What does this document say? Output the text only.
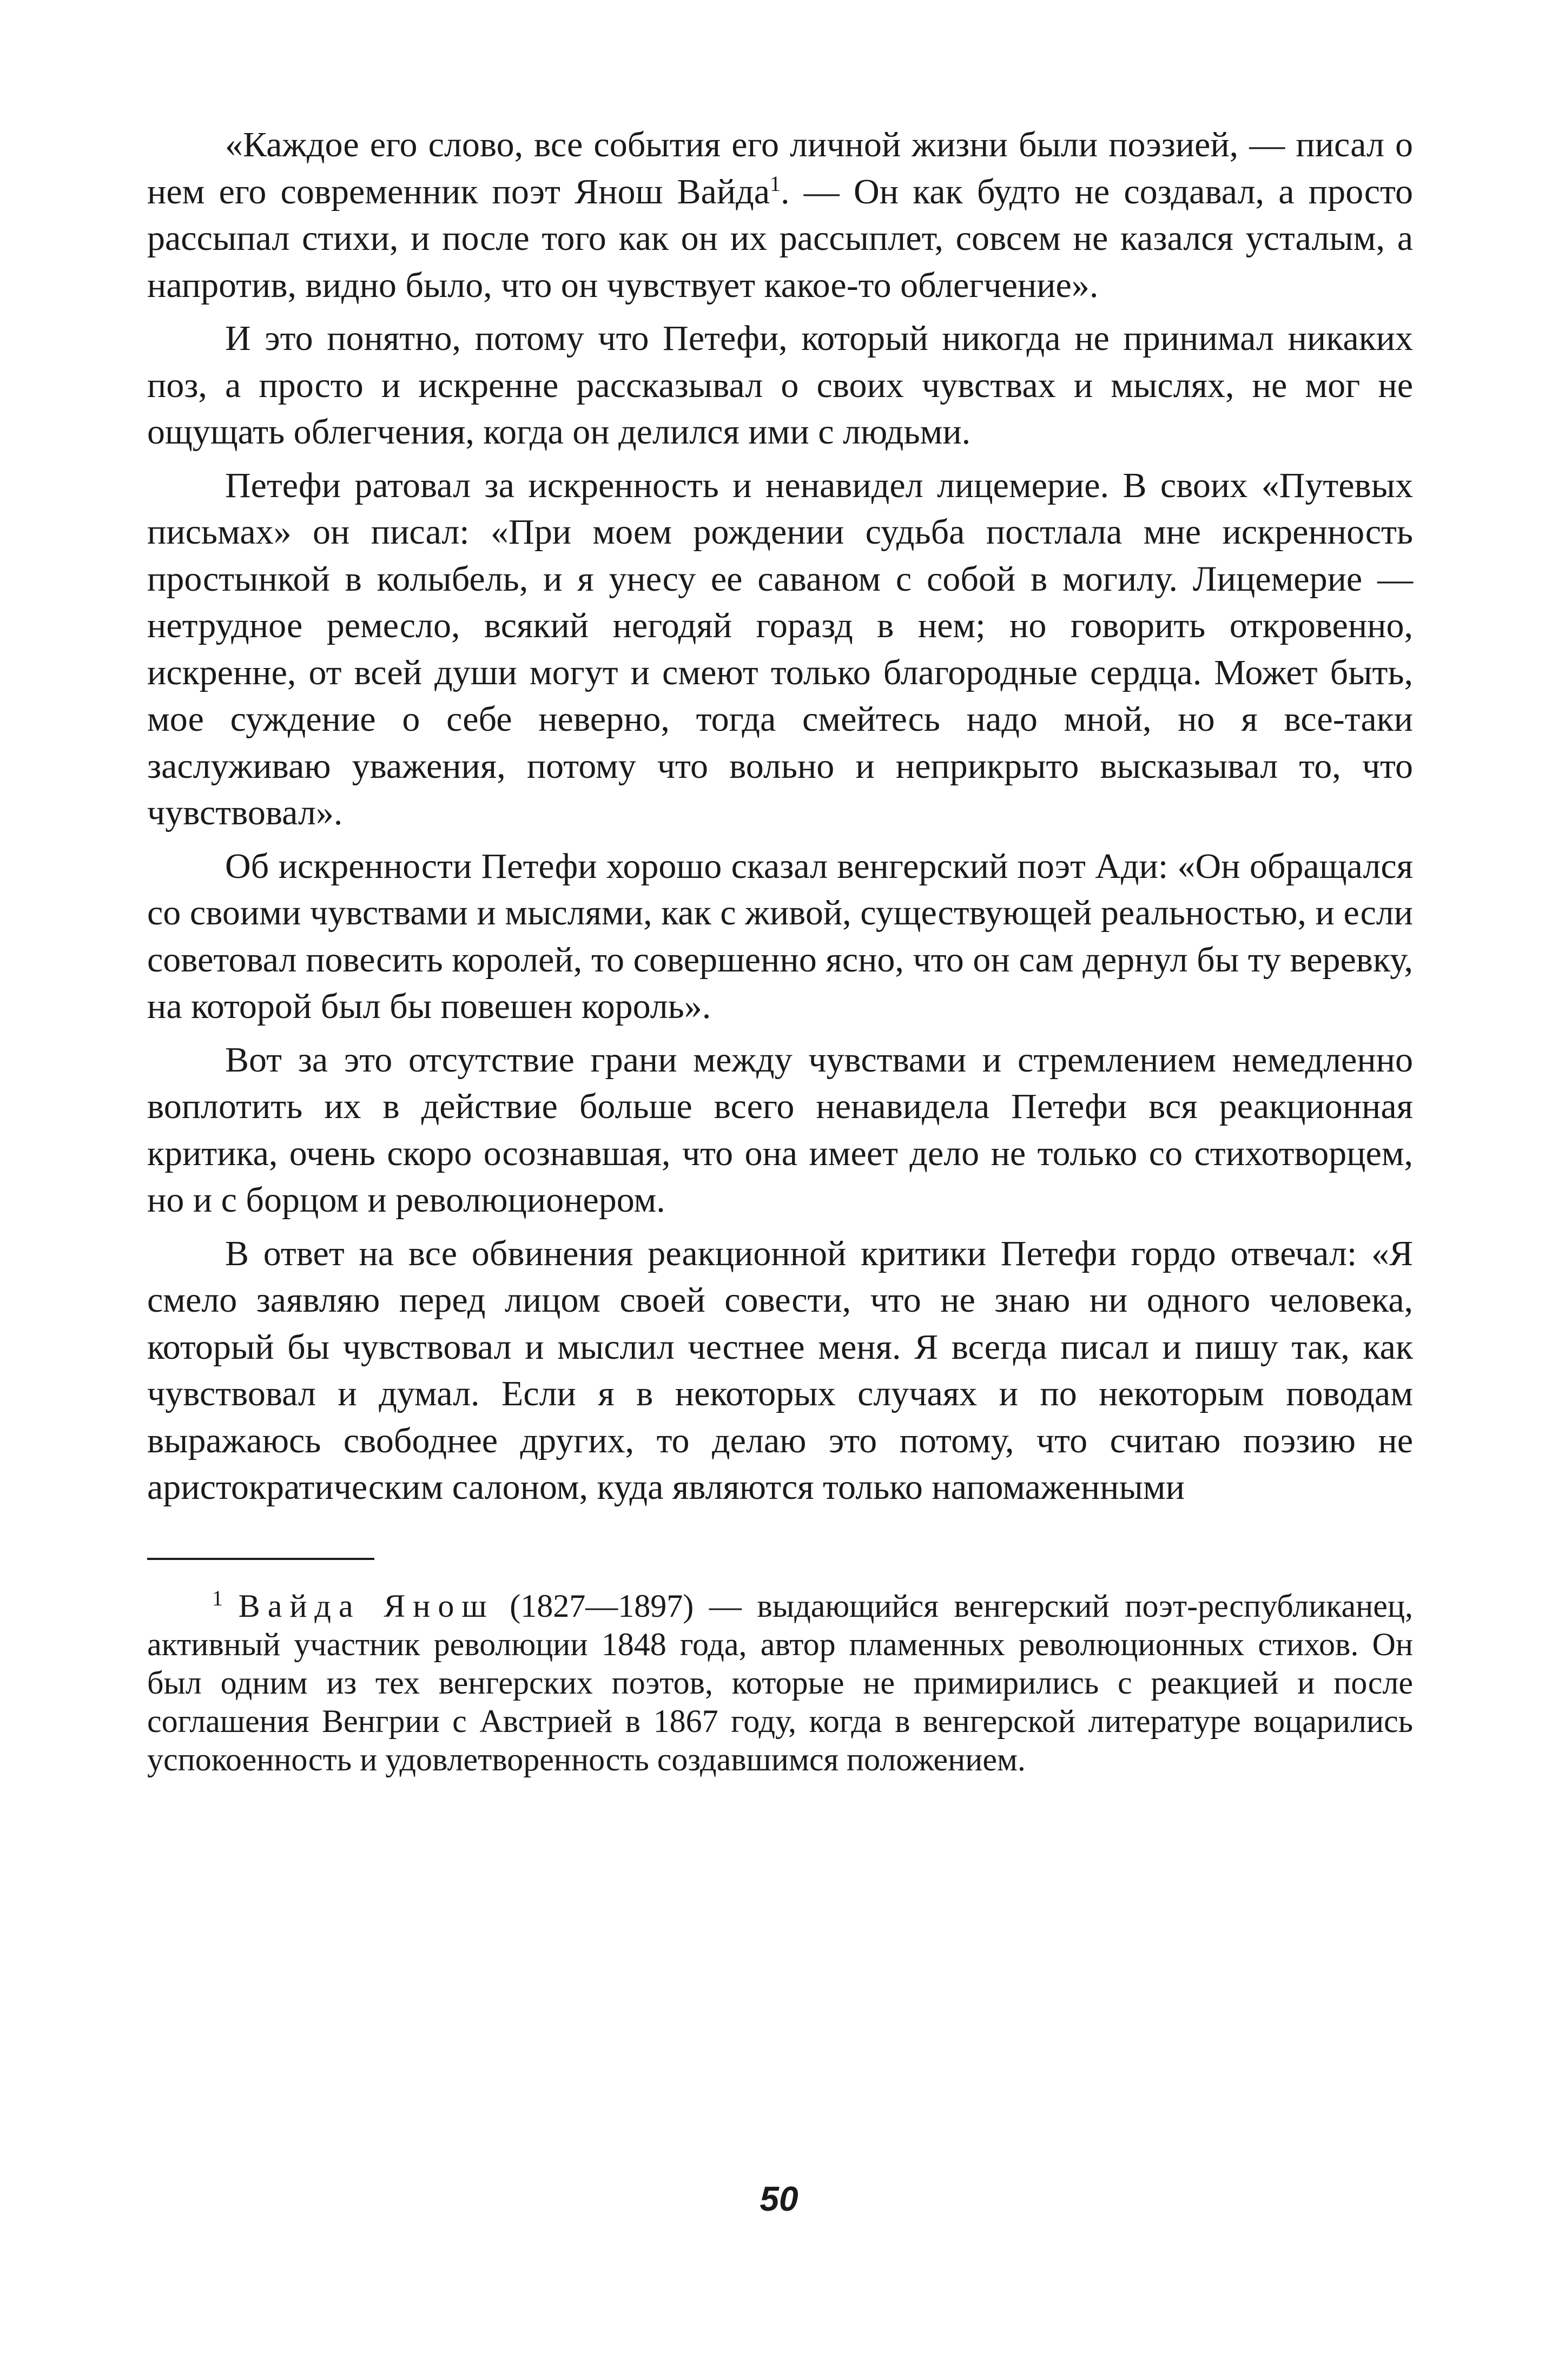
«Каждое его слово, все события его личной жизни были поэзией, — писал о нем его современник поэт Янош Вайда$^1$. — Он как будто не создавал, а просто рассыпал стихи, и после того как он их рассыплет, совсем не казался усталым, а напротив, видно было, что он чувствует какое-то облегчение».

И это понятно, потому что Петефи, который никогда не принимал никаких поз, а просто и искренне рассказывал о своих чувствах и мыслях, не мог не ощущать облегчения, когда он делился ими с людьми.

Петефи ратовал за искренность и ненавидел лицемерие. В своих «Путевых письмах» он писал: «При моем рождении судьба постлала мне искренность простынкой в колыбель, и я унесу ее саваном с собой в могилу. Лицемерие — нетрудное ремесло, всякий негодяй горазд в нем; но говорить откровенно, искренне, от всей души могут и смеют только благородные сердца. Может быть, мое суждение о себе неверно, тогда смейтесь надо мной, но я все-таки заслуживаю уважения, потому что вольно и неприкрыто высказывал то, что чувствовал».

Об искренности Петефи хорошо сказал венгерский поэт Ади: «Он обращался со своими чувствами и мыслями, как с живой, существующей реальностью, и если советовал повесить королей, то совершенно ясно, что он сам дернул бы ту веревку, на которой был бы повешен король».

Вот за это отсутствие грани между чувствами и стремлением немедленно воплотить их в действие больше всего ненавидела Петефи вся реакционная критика, очень скоро осознавшая, что она имеет дело не только со стихотворцем, но и с борцом и революционером.

В ответ на все обвинения реакционной критики Петефи гордо отвечал: «Я смело заявляю перед лицом своей совести, что не знаю ни одного человека, который бы чувствовал и мыслил честнее меня. Я всегда писал и пишу так, как чувствовал и думал. Если я в некоторых случаях и по некоторым поводам выражаюсь свободнее других, то делаю это потому, что считаю поэзию не аристократическим салоном, куда являются только напомаженными

$^1$ Вайда Янош (1827—1897) — выдающийся венгерский поэт-республиканец, активный участник революции 1848 года, автор пламенных революционных стихов. Он был одним из тех венгерских поэтов, которые не примирились с реакцией и после соглашения Венгрии с Австрией в 1867 году, когда в венгерской литературе воцарились успокоенность и удовлетворенность создавшимся положением.

50
